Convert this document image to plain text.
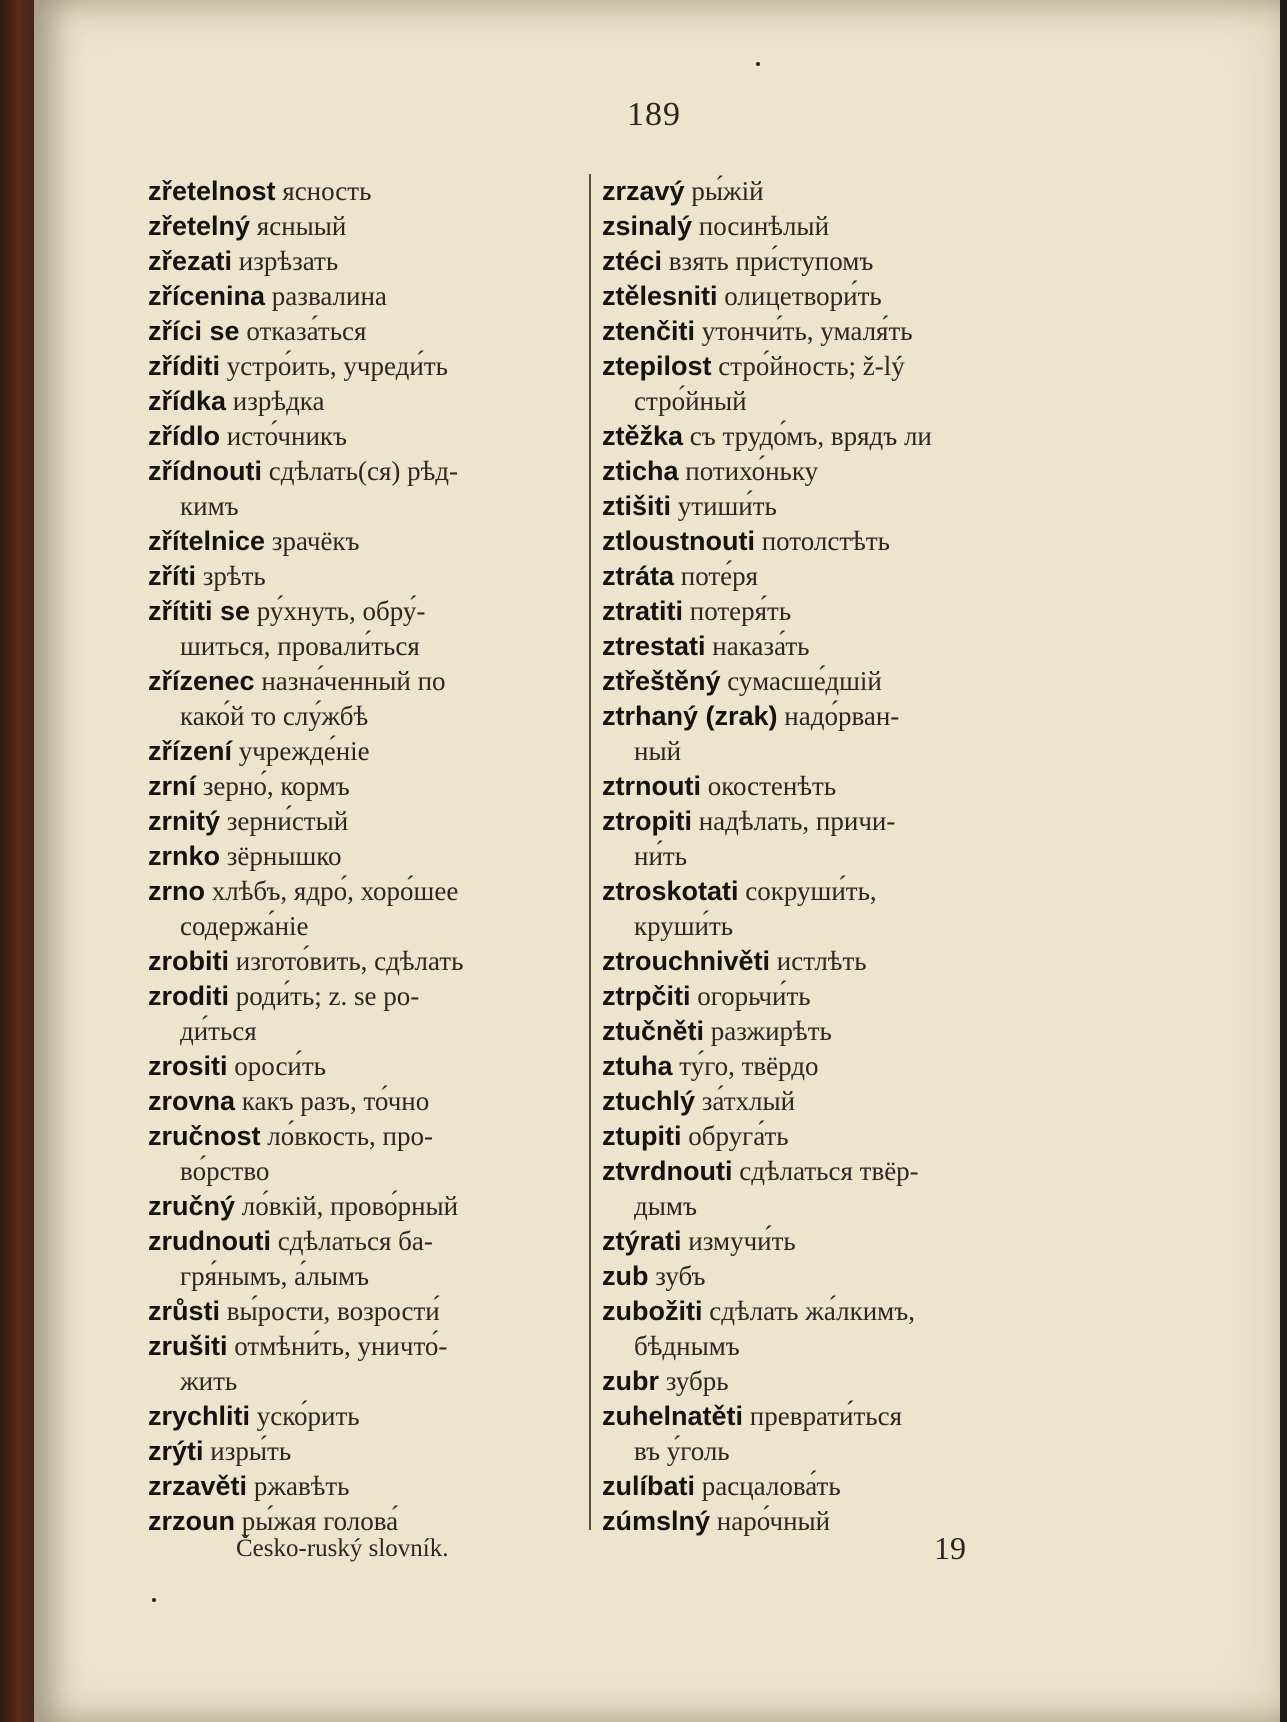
189
zřetelnost ясность
zřetelný ясныый
zřezati изрѣзать
zřícenina развалина
zříci se отказа́ться
zříditi устро́ить, учреди́ть
zřídka изрѣдка
zřídlo исто́чникъ
zřídnouti сдѣлать(ся) рѣд-
кимъ
zřítelnice зрачёкъ
zříti зрѣть
zřítiti se ру́хнуть, обру́-
шиться, провали́ться
zřízenec назна́ченный по
како́й то слу́жбѣ
zřízení учрежде́ніе
zrní зерно́, кормъ
zrnitý зерни́стый
zrnko зёрнышко
zrno хлѣбъ, ядро́, хоро́шее
содержа́ніе
zrobiti изгото́вить, сдѣлать
zroditi роди́ть; z. se ро-
ди́ться
zrositi ороси́ть
zrovna какъ разъ, то́чно
zručnost ло́вкость, про-
во́рство
zručný ло́вкій, прово́рный
zrudnouti сдѣлаться ба-
гря́нымъ, а́лымъ
zrůsti вы́рости, возрости́
zrušiti отмѣни́ть, уничто́-
жить
zrychliti уско́рить
zrýti изры́ть
zrzavěti ржавѣть
zrzoun ры́жая голова́
zrzavý ры́жій
zsinalý посинѣлый
ztéci взять при́ступомъ
ztělesniti олицетвори́ть
ztenčiti утончи́ть, умаля́ть
ztepilost стро́йность; ž-lý
стро́йный
ztěžka съ трудо́мъ, врядъ ли
zticha потихо́ньку
ztišiti утиши́ть
ztloustnouti потолстѣть
ztráta поте́ря
ztratiti потеря́ть
ztrestati наказа́ть
ztřeštěný сумасше́дшій
ztrhaný (zrak) надо́рван-
ный
ztrnouti окостенѣть
ztropiti надѣлать, причи-
ни́ть
ztroskotati сокруши́ть,
круши́ть
ztrouchnivěti истлѣть
ztrpčiti огорьчи́ть
ztučněti разжирѣть
ztuha ту́го, твёрдо
ztuchlý за́тхлый
ztupiti обруга́ть
ztvrdnouti сдѣлаться твёр-
дымъ
ztýrati измучи́ть
zub зубъ
zubožiti сдѣлать жа́лкимъ,
бѣднымъ
zubr зубрь
zuhelnatěti преврати́ться
въ у́голь
zulíbati расцалова́ть
zúmslný наро́чный
Česko-ruský slovník.	19
